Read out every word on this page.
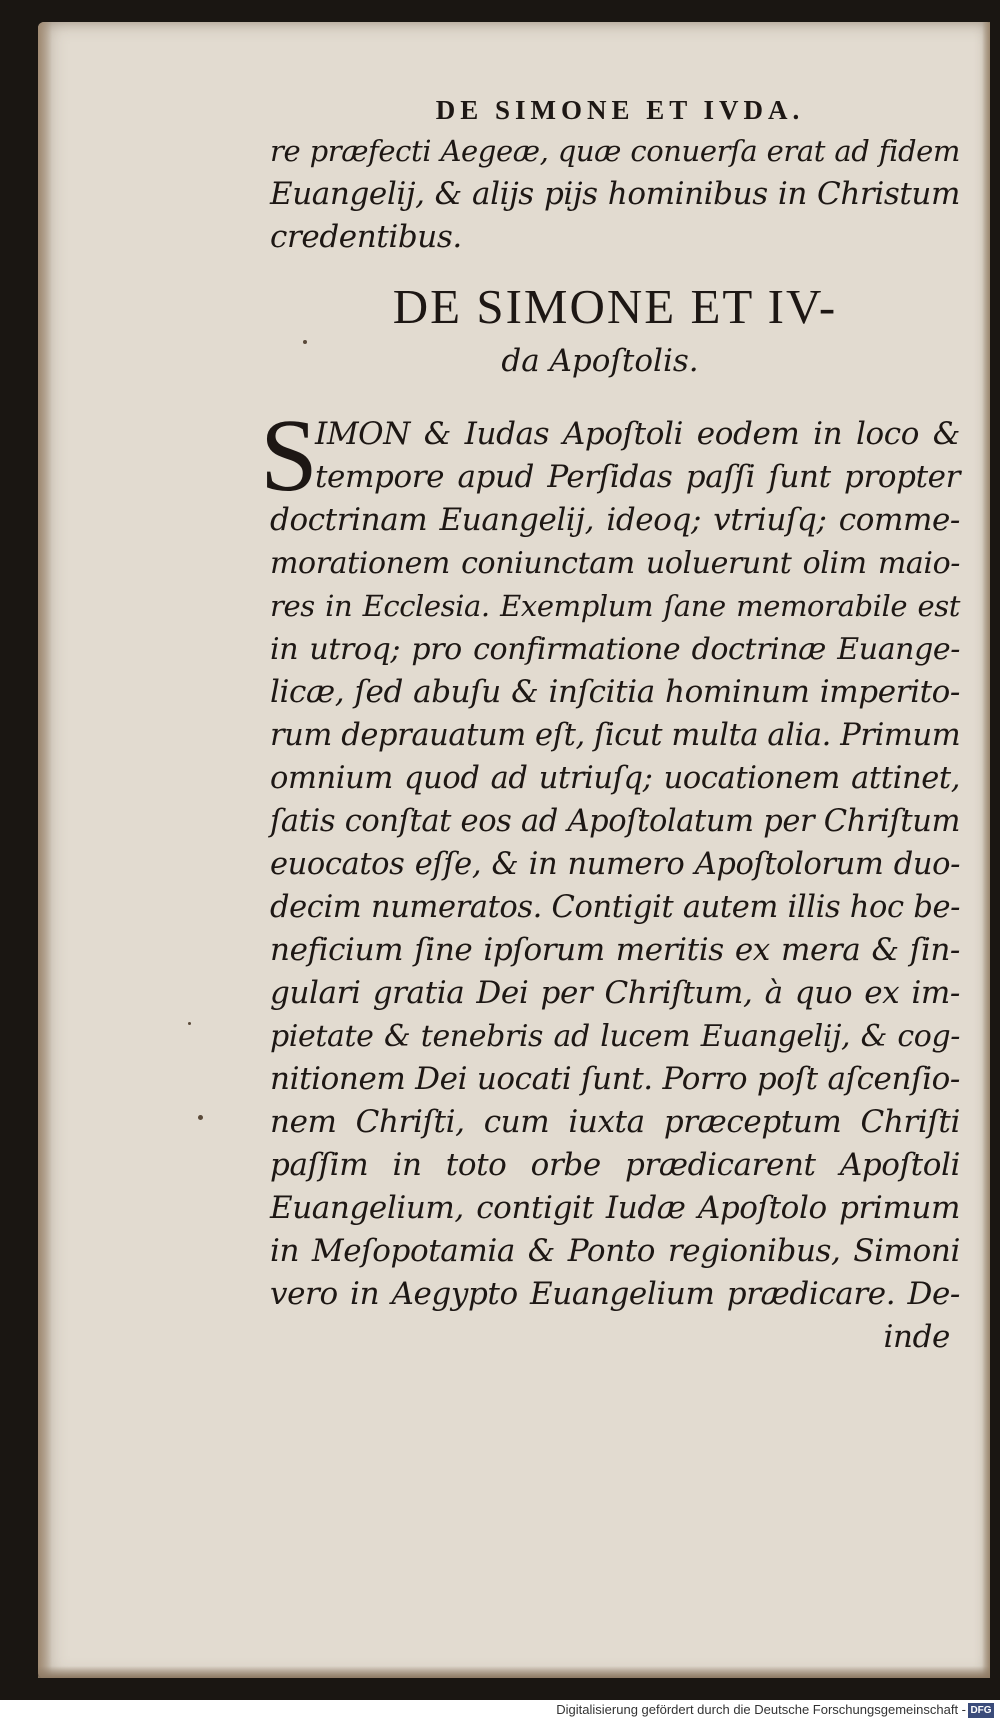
DE SIMONE ET IVDA.
re præfecti Aegeæ, quæ conuerſa erat ad fidem
Euangelij, & alijs pijs hominibus in Christum
credentibus.
DE SIMONE ET IV-
da Apoſtolis.
S
IMON & Iudas Apoſtoli eodem in loco &
tempore apud Perſidas paſſi ſunt propter
doctrinam Euangelij, ideoq; vtriuſq; comme-
morationem coniunctam uoluerunt olim maio-
res in Ecclesia. Exemplum ſane memorabile est
in utroq; pro confirmatione doctrinæ Euange-
licæ, ſed abuſu & inſcitia hominum imperito-
rum deprauatum eſt, ſicut multa alia. Primum
omnium quod ad utriuſq; uocationem attinet,
ſatis conſtat eos ad Apoſtolatum per Chriſtum
euocatos eſſe, & in numero Apoſtolorum duo-
decim numeratos. Contigit autem illis hoc be-
neficium ſine ipſorum meritis ex mera & ſin-
gulari gratia Dei per Chriſtum, à quo ex im-
pietate & tenebris ad lucem Euangelij, & cog-
nitionem Dei uocati ſunt. Porro poſt aſcenſio-
nem Chriſti, cum iuxta præceptum Chriſti
paſſim in toto orbe prædicarent Apoſtoli
Euangelium, contigit Iudæ Apoſtolo primum
in Meſopotamia & Ponto regionibus, Simoni
vero in Aegypto Euangelium prædicare. De-
inde
Digitalisierung gefördert durch die Deutsche Forschungsgemeinschaft - DFG
